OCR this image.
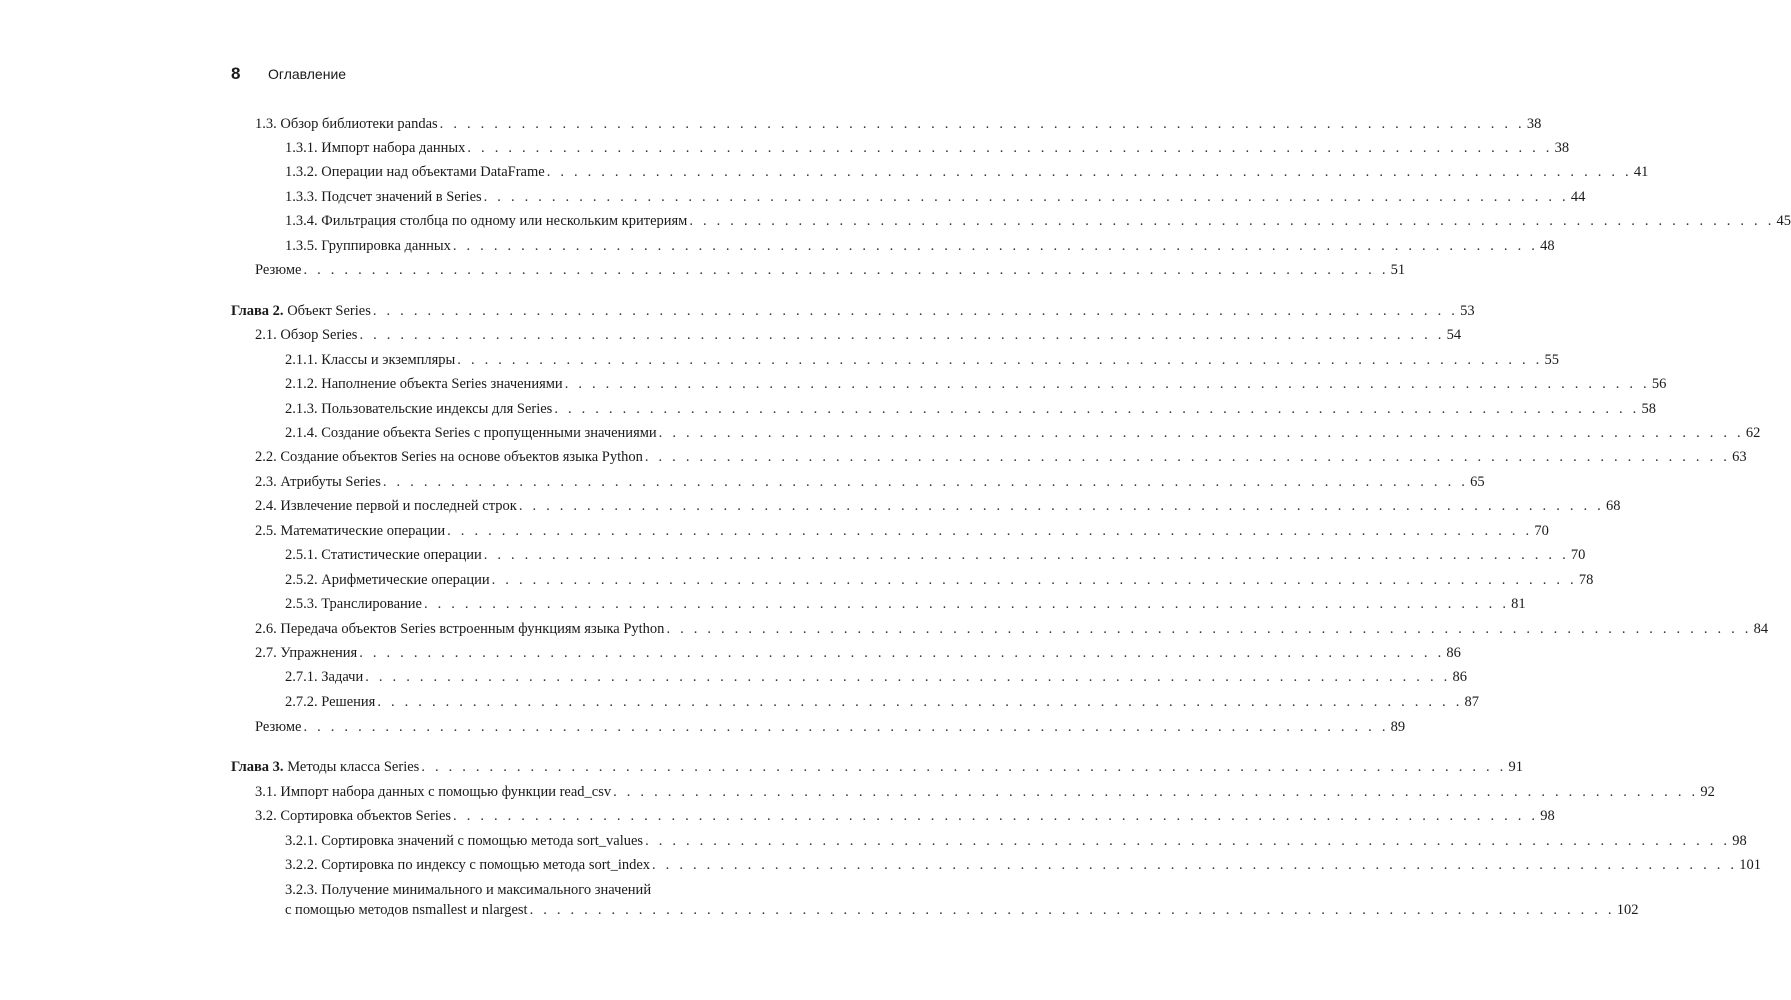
8	Оглавление
1.3. Обзор библиотеки pandas . . . . . . . . . . . . . . . . . . . . . . . . . . . . . . . . . . . . . . . . . . . . . . . . . . . . . . . . . . . . . . . . . . . . . . . . . . . . . . . . 38
1.3.1. Импорт набора данных . . . . . . . . . . . . . . . . . . . . . . . . . . . . . . . . . . . . . . . . . . . . . . . . . . . . . . . . . . . . . . . . . . . . . . . . . . . . . . . . 38
1.3.2. Операции над объектами DataFrame . . . . . . . . . . . . . . . . . . . . . . . . . . . . . . . . . . . . . . . . . . . . . . . . . . . . . . . . . . . . . . . . . . . . . . . . . . . . . . . . 41
1.3.3. Подсчет значений в Series . . . . . . . . . . . . . . . . . . . . . . . . . . . . . . . . . . . . . . . . . . . . . . . . . . . . . . . . . . . . . . . . . . . . . . . . . . . . . . . . 44
1.3.4. Фильтрация столбца по одному или нескольким критериям . . . . . . . . . . . . . . . . . . . . . . . . . . . . . . . . . . . . . . . . . . . . . . . . . . . . . . . . . . . . . . . . . . . . . . . . . . . . . . . . 45
1.3.5. Группировка данных . . . . . . . . . . . . . . . . . . . . . . . . . . . . . . . . . . . . . . . . . . . . . . . . . . . . . . . . . . . . . . . . . . . . . . . . . . . . . . . . 48
Резюме . . . . . . . . . . . . . . . . . . . . . . . . . . . . . . . . . . . . . . . . . . . . . . . . . . . . . . . . . . . . . . . . . . . . . . . . . . . . . . . . 51
Глава 2. Объект Series . . . . . . . . . . . . . . . . . . . . . . . . . . . . . . . . . . . . . . . . . . . . . . . . . . . . . . . . . . . . . . . . . . . . . . . . . . . . . . . . 53
2.1. Обзор Series . . . . . . . . . . . . . . . . . . . . . . . . . . . . . . . . . . . . . . . . . . . . . . . . . . . . . . . . . . . . . . . . . . . . . . . . . . . . . . . . 54
2.1.1. Классы и экземпляры . . . . . . . . . . . . . . . . . . . . . . . . . . . . . . . . . . . . . . . . . . . . . . . . . . . . . . . . . . . . . . . . . . . . . . . . . . . . . . . . 55
2.1.2. Наполнение объекта Series значениями . . . . . . . . . . . . . . . . . . . . . . . . . . . . . . . . . . . . . . . . . . . . . . . . . . . . . . . . . . . . . . . . . . . . . . . . . . . . . . . . 56
2.1.3. Пользовательские индексы для Series . . . . . . . . . . . . . . . . . . . . . . . . . . . . . . . . . . . . . . . . . . . . . . . . . . . . . . . . . . . . . . . . . . . . . . . . . . . . . . . . 58
2.1.4. Создание объекта Series с пропущенными значениями . . . . . . . . . . . . . . . . . . . . . . . . . . . . . . . . . . . . . . . . . . . . . . . . . . . . . . . . . . . . . . . . . . . . . . . . . . . . . . . . 62
2.2. Создание объектов Series на основе объектов языка Python . . . . . . . . . . . . . . . . . . . . . . . . . . . . . . . . . . . . . . . . . . . . . . . . . . . . . . . . . . . . . . . . . . . . . . . . . . . . . . . . 63
2.3. Атрибуты Series . . . . . . . . . . . . . . . . . . . . . . . . . . . . . . . . . . . . . . . . . . . . . . . . . . . . . . . . . . . . . . . . . . . . . . . . . . . . . . . . 65
2.4. Извлечение первой и последней строк . . . . . . . . . . . . . . . . . . . . . . . . . . . . . . . . . . . . . . . . . . . . . . . . . . . . . . . . . . . . . . . . . . . . . . . . . . . . . . . . 68
2.5. Математические операции . . . . . . . . . . . . . . . . . . . . . . . . . . . . . . . . . . . . . . . . . . . . . . . . . . . . . . . . . . . . . . . . . . . . . . . . . . . . . . . . 70
2.5.1. Статистические операции . . . . . . . . . . . . . . . . . . . . . . . . . . . . . . . . . . . . . . . . . . . . . . . . . . . . . . . . . . . . . . . . . . . . . . . . . . . . . . . . 70
2.5.2. Арифметические операции . . . . . . . . . . . . . . . . . . . . . . . . . . . . . . . . . . . . . . . . . . . . . . . . . . . . . . . . . . . . . . . . . . . . . . . . . . . . . . . . 78
2.5.3. Транслирование . . . . . . . . . . . . . . . . . . . . . . . . . . . . . . . . . . . . . . . . . . . . . . . . . . . . . . . . . . . . . . . . . . . . . . . . . . . . . . . . 81
2.6. Передача объектов Series встроенным функциям языка Python . . . . . . . . . . . . . . . . . . . . . . . . . . . . . . . . . . . . . . . . . . . . . . . . . . . . . . . . . . . . . . . . . . . . . . . . . . . . . . . . 84
2.7. Упражнения . . . . . . . . . . . . . . . . . . . . . . . . . . . . . . . . . . . . . . . . . . . . . . . . . . . . . . . . . . . . . . . . . . . . . . . . . . . . . . . . 86
2.7.1. Задачи . . . . . . . . . . . . . . . . . . . . . . . . . . . . . . . . . . . . . . . . . . . . . . . . . . . . . . . . . . . . . . . . . . . . . . . . . . . . . . . . 86
2.7.2. Решения . . . . . . . . . . . . . . . . . . . . . . . . . . . . . . . . . . . . . . . . . . . . . . . . . . . . . . . . . . . . . . . . . . . . . . . . . . . . . . . . 87
Резюме . . . . . . . . . . . . . . . . . . . . . . . . . . . . . . . . . . . . . . . . . . . . . . . . . . . . . . . . . . . . . . . . . . . . . . . . . . . . . . . . 89
Глава 3. Методы класса Series . . . . . . . . . . . . . . . . . . . . . . . . . . . . . . . . . . . . . . . . . . . . . . . . . . . . . . . . . . . . . . . . . . . . . . . . . . . . . . . . 91
3.1. Импорт набора данных с помощью функции read_csv . . . . . . . . . . . . . . . . . . . . . . . . . . . . . . . . . . . . . . . . . . . . . . . . . . . . . . . . . . . . . . . . . . . . . . . . . . . . . . . . 92
3.2. Сортировка объектов Series . . . . . . . . . . . . . . . . . . . . . . . . . . . . . . . . . . . . . . . . . . . . . . . . . . . . . . . . . . . . . . . . . . . . . . . . . . . . . . . . 98
3.2.1. Сортировка значений с помощью метода sort_values . . . . . . . . . . . . . . . . . . . . . . . . . . . . . . . . . . . . . . . . . . . . . . . . . . . . . . . . . . . . . . . . . . . . . . . . . . . . . . . . 98
3.2.2. Сортировка по индексу с помощью метода sort_index . . . . . . . . . . . . . . . . . . . . . . . . . . . . . . . . . . . . . . . . . . . . . . . . . . . . . . . . . . . . . . . . . . . . . . . . . . . . . . . . 101
3.2.3. Получение минимального и максимального значений
с помощью методов nsmallest и nlargest . . . . . . . . . . . . . . . . . . . . . . . . . . . . . . . . . . . . . . . . . . . . . . . . . . . . . . . . . . . . . . . . . . . . . . . . . . . . . . . . 102
